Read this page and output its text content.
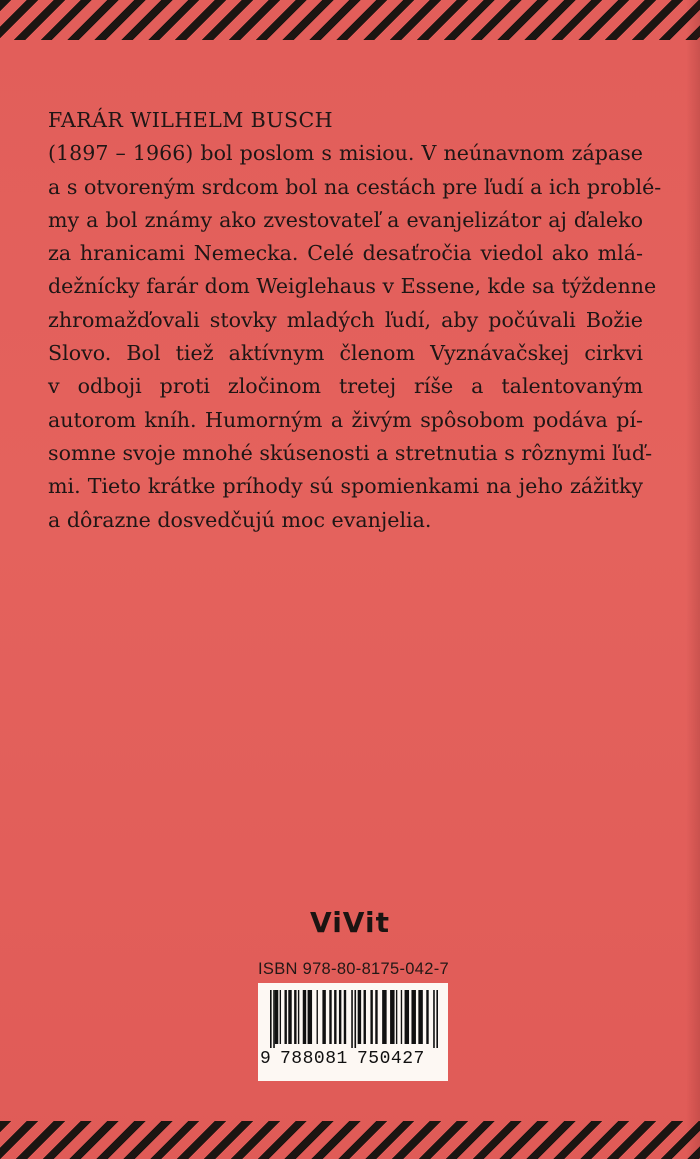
FARÁR WILHELM BUSCH
(1897 – 1966) bol poslom s misiou. V neúnavnom zápase
a s otvoreným srdcom bol na cestách pre ľudí a ich problé-
my a bol známy ako zvestovateľ a evanjelizátor aj ďaleko
za hranicami Nemecka. Celé desaťročia viedol ako mlá-
dežnícky farár dom Weiglehaus v Essene, kde sa týždenne
zhromažďovali stovky mladých ľudí, aby počúvali Božie
Slovo. Bol tiež aktívnym členom Vyznávačskej cirkvi
v odboji proti zločinom tretej ríše a talentovaným
autorom kníh. Humorným a živým spôsobom podáva pí-
somne svoje mnohé skúsenosti a stretnutia s rôznymi ľuď-
mi. Tieto krátke príhody sú spomienkami na jeho zážitky
a dôrazne dosvedčujú moc evanjelia.
ViVit
ISBN 978-80-8175-042-7
9 788081 750427
